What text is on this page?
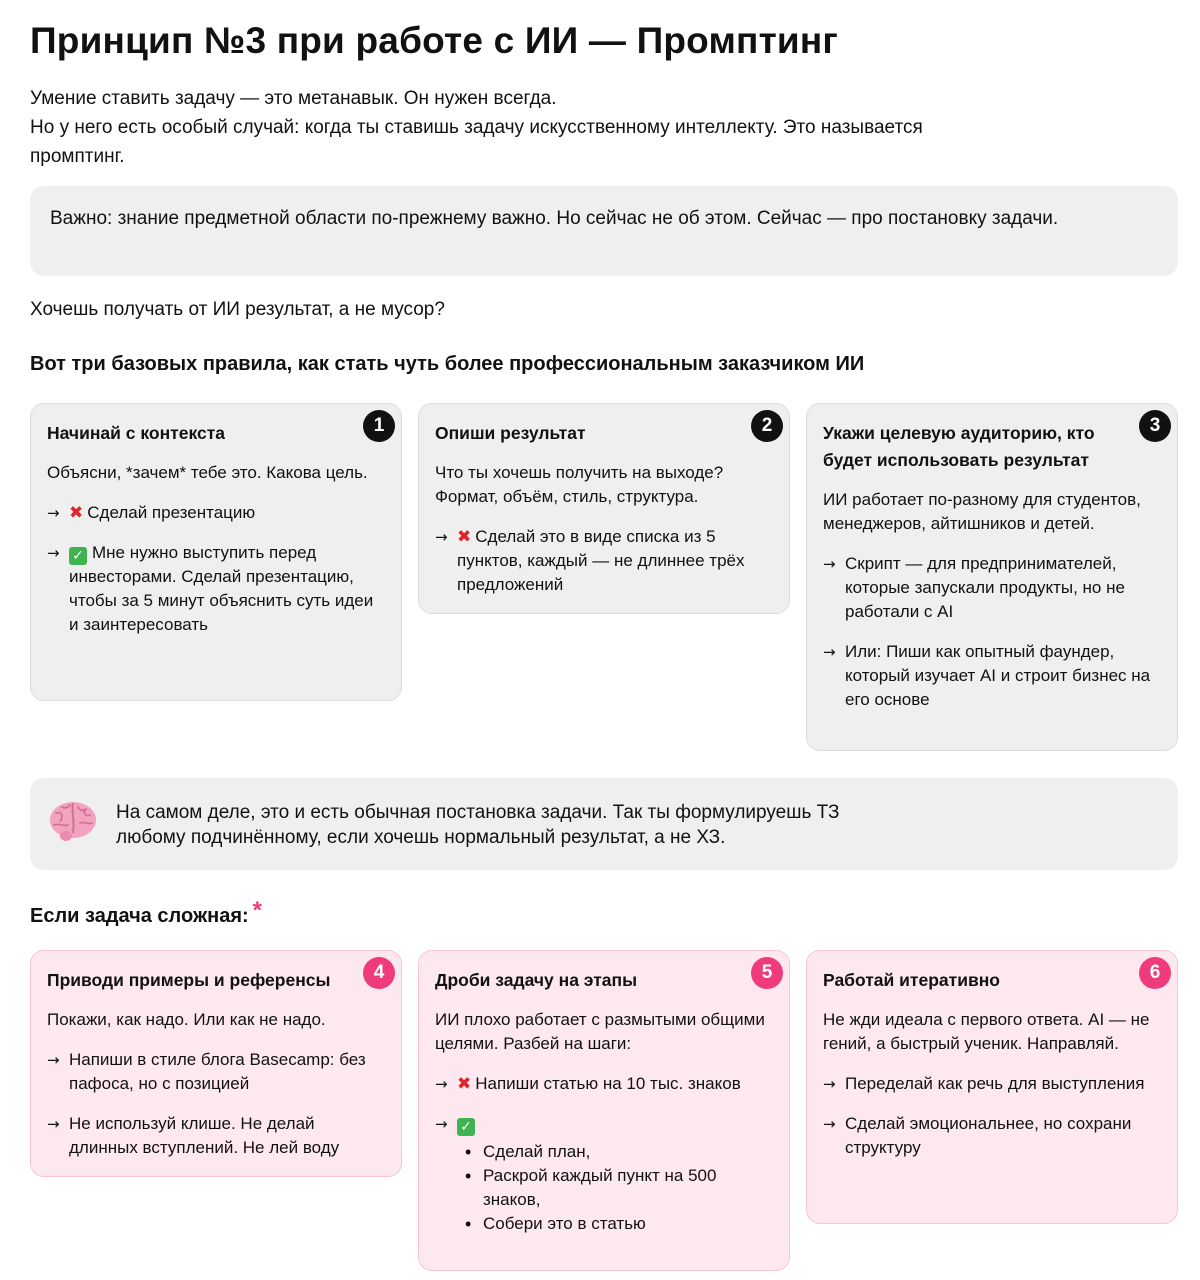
Принцип №3 при работе с ИИ — Промптинг
Умение ставить задачу — это метанавык. Он нужен всегда.
Но у него есть особый случай: когда ты ставишь задачу искусственному интеллекту. Это называется
промптинг.
Важно: знание предметной области по-прежнему важно. Но сейчас не об этом. Сейчас — про постановку задачи.
Хочешь получать от ИИ результат, а не мусор?
Вот три базовых правила, как стать чуть более профессиональным заказчиком ИИ
1
Начинай с контекста
Объясни, *зачем* тебе это. Какова цель.
→ ✖ Сделай презентацию
→ ✓ Мне нужно выступить перед инвесторами. Сделай презентацию, чтобы за 5 минут объяснить суть идеи и заинтересовать
2
Опиши результат
Что ты хочешь получить на выходе? Формат, объём, стиль, структура.
→ ✖ Сделай это в виде списка из 5 пунктов, каждый — не длиннее трёх предложений
3
Укажи целевую аудиторию, кто будет использовать результат
ИИ работает по-разному для студентов, менеджеров, айтишников и детей.
→ Скрипт — для предпринимателей, которые запускали продукты, но не работали с AI
→ Или: Пиши как опытный фаундер, который изучает AI и строит бизнес на его основе
На самом деле, это и есть обычная постановка задачи. Так ты формулируешь ТЗ
любому подчинённому, если хочешь нормальный результат, а не ХЗ.
Если задача сложная: *
4
Приводи примеры и референсы
Покажи, как надо. Или как не надо.
→ Напиши в стиле блога Basecamp: без пафоса, но с позицией
→ Не используй клише. Не делай длинных вступлений. Не лей воду
5
Дроби задачу на этапы
ИИ плохо работает с размытыми общими целями. Разбей на шаги:
→ ✖ Напиши статью на 10 тыс. знаков
→ ✓
• Сделай план,
• Раскрой каждый пункт на 500 знаков,
• Собери это в статью
6
Работай итеративно
Не жди идеала с первого ответа. AI — не гений, а быстрый ученик. Направляй.
→ Переделай как речь для выступления
→ Сделай эмоциональнее, но сохрани структуру
